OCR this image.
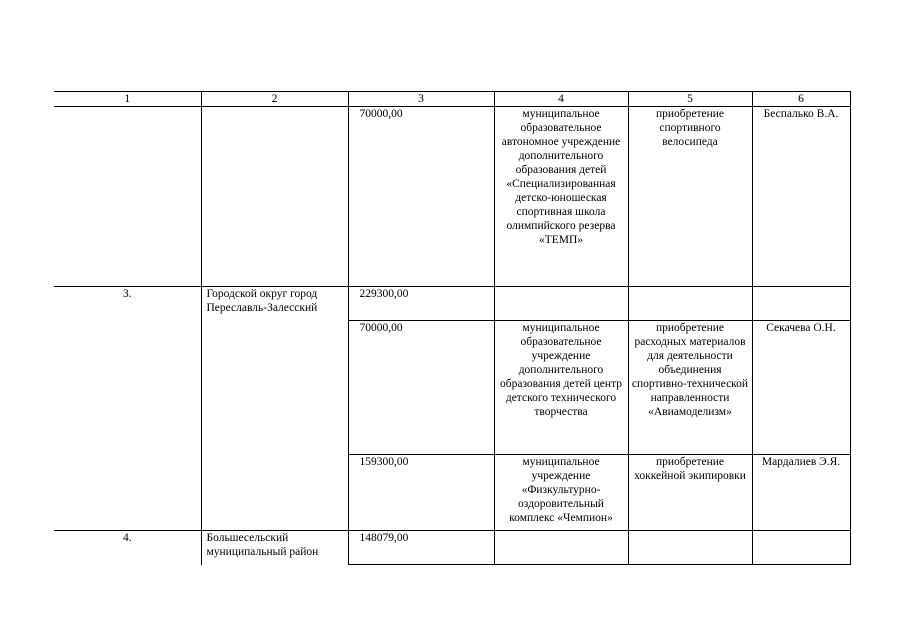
1	2	3	4	5	6
		70000,00	муниципальное образовательное автономное учреждение дополнительного образования детей «Специализированная детско-юношеская спортивная школа олимпийского резерва «ТЕМП»	приобретение спортивного велосипеда	Беспалько В.А.
3.	Городской округ город Переславль-Залесский	229300,00			
		70000,00	муниципальное образовательное учреждение дополнительного образования детей центр детского технического творчества	приобретение расходных материалов для деятельности объединения спортивно-технической направленности «Авиамоделизм»	Секачева О.Н.
		159300,00	муниципальное учреждение «Физкультурно-оздоровительный комплекс «Чемпион»	приобретение хоккейной экипировки	Мардалиев Э.Я.
4.	Большесельский муниципальный район	148079,00			
